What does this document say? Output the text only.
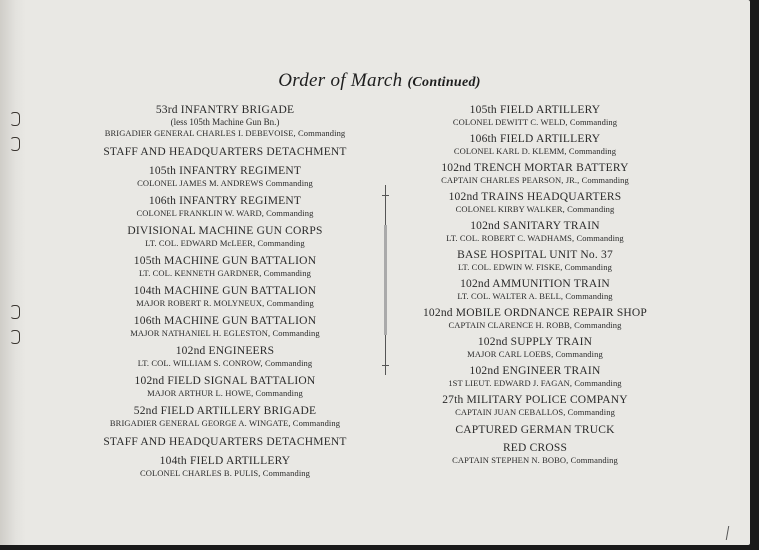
Order of March (Continued)
53rd INFANTRY BRIGADE
(less 105th Machine Gun Bn.)
BRIGADIER GENERAL CHARLES I. DEBEVOISE, Commanding
STAFF AND HEADQUARTERS DETACHMENT
105th INFANTRY REGIMENT
COLONEL JAMES M. ANDREWS Commanding
106th INFANTRY REGIMENT
COLONEL FRANKLIN W. WARD, Commanding
DIVISIONAL MACHINE GUN CORPS
LT. COL. EDWARD McLEER, Commanding
105th MACHINE GUN BATTALION
LT. COL. KENNETH GARDNER, Commanding
104th MACHINE GUN BATTALION
MAJOR ROBERT R. MOLYNEUX, Commanding
106th MACHINE GUN BATTALION
MAJOR NATHANIEL H. EGLESTON, Commanding
102nd ENGINEERS
LT. COL. WILLIAM S. CONROW, Commanding
102nd FIELD SIGNAL BATTALION
MAJOR ARTHUR L. HOWE, Commanding
52nd FIELD ARTILLERY BRIGADE
BRIGADIER GENERAL GEORGE A. WINGATE, Commanding
STAFF AND HEADQUARTERS DETACHMENT
104th FIELD ARTILLERY
COLONEL CHARLES B. PULIS, Commanding
105th FIELD ARTILLERY
COLONEL DEWITT C. WELD, Commanding
106th FIELD ARTILLERY
COLONEL KARL D. KLEMM, Commanding
102nd TRENCH MORTAR BATTERY
CAPTAIN CHARLES PEARSON, JR., Commanding
102nd TRAINS HEADQUARTERS
COLONEL KIRBY WALKER, Commanding
102nd SANITARY TRAIN
LT. COL. ROBERT C. WADHAMS, Commanding
BASE HOSPITAL UNIT No. 37
LT. COL. EDWIN W. FISKE, Commanding
102nd AMMUNITION TRAIN
LT. COL. WALTER A. BELL, Commanding
102nd MOBILE ORDNANCE REPAIR SHOP
CAPTAIN CLARENCE H. ROBB, Commanding
102nd SUPPLY TRAIN
MAJOR CARL LOEBS, Commanding
102nd ENGINEER TRAIN
1ST LIEUT. EDWARD J. FAGAN, Commanding
27th MILITARY POLICE COMPANY
CAPTAIN JUAN CEBALLOS, Commanding
CAPTURED GERMAN TRUCK
RED CROSS
CAPTAIN STEPHEN N. BOBO, Commanding
